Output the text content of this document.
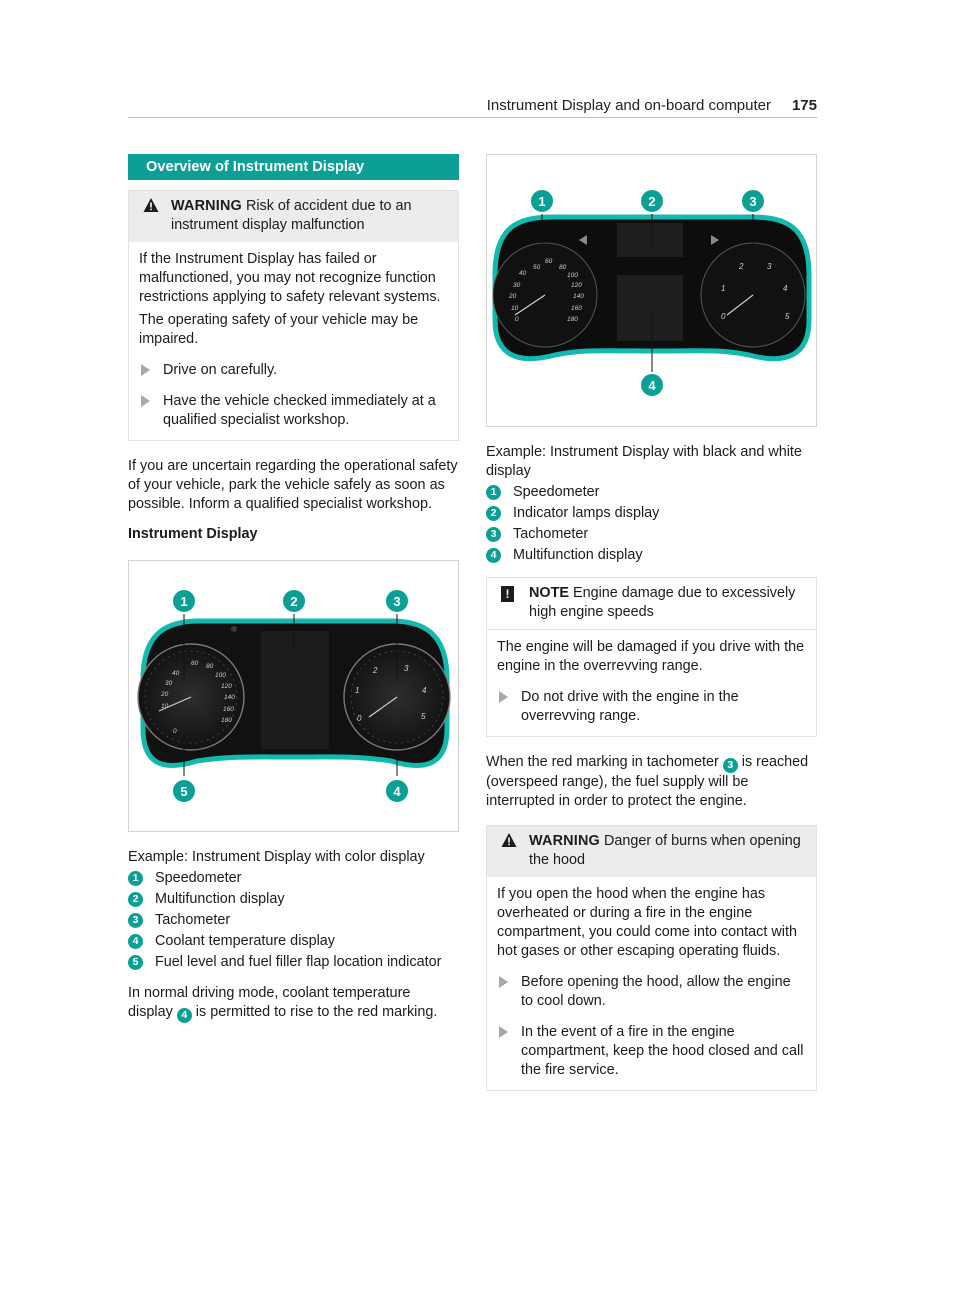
Instrument Display and on-board computer 175
Overview of Instrument Display
WARNING Risk of accident due to an instrument display malfunction

If the Instrument Display has failed or malfunctioned, you may not recognize function restrictions applying to safety relevant systems.

The operating safety of your vehicle may be impaired.

Drive on carefully.
Have the vehicle checked immediately at a qualified specialist workshop.

If you are uncertain regarding the operational safety of your vehicle, park the vehicle safely as soon as possible. Inform a qualified specialist workshop.

Instrument Display

60 80
40	100
30	120
20	140
10	160
0
180
2	3
1	4
0	5
1	2	3
4
5

Example: Instrument Display with color display

1	Speedometer
2	Multifunction display
3	Tachometer
4	Coolant temperature display
5	Fuel level and fuel filler flap location indicator

In normal driving mode, coolant temperature display 4 is permitted to rise to the red marking.

50
60
80
40	100
30	120
20	140
10	160
0	180
2	3
1	4
0	5
1	2	3
4

Example: Instrument Display with black and white display

1	Speedometer
2	Indicator lamps display
3	Tachometer
4	Multifunction display
!	NOTE Engine damage due to excessively high engine speeds

The engine will be damaged if you drive with the engine in the overrevving range.

Do not drive with the engine in the overrevving range.

When the red marking in tachometer 3 is reached (overspeed range), the fuel supply will be interrupted in order to protect the engine.

WARNING Danger of burns when opening the hood

If you open the hood when the engine has overheated or during a fire in the engine compartment, you could come into contact with hot gases or other escaping operating fluids.

Before opening the hood, allow the engine to cool down.
In the event of a fire in the engine compartment, keep the hood closed and call the fire service.
